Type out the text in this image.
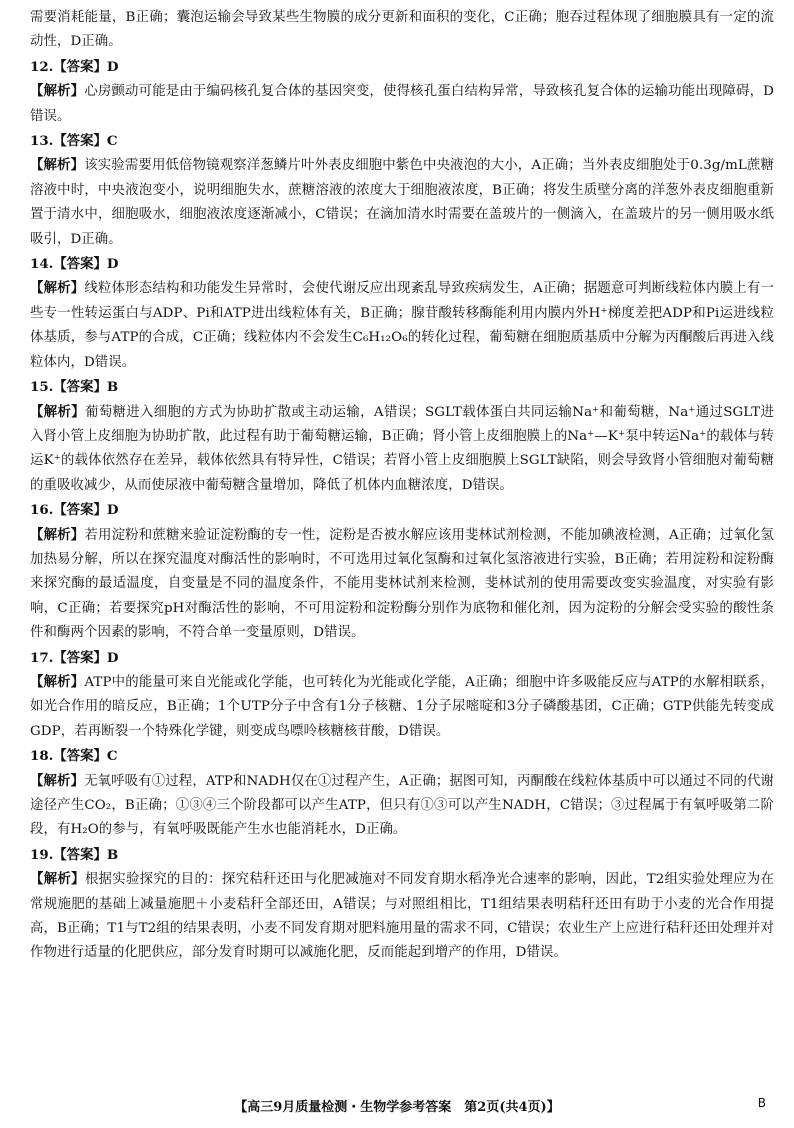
需要消耗能量，B正确；囊泡运输会导致某些生物膜的成分更新和面积的变化，C正确；胞吞过程体现了细胞膜具有一定的流动性，D正确。

12.【答案】D

【解析】心房颤动可能是由于编码核孔复合体的基因突变，使得核孔蛋白结构异常，导致核孔复合体的运输功能出现障碍，D错误。

13.【答案】C

【解析】该实验需要用低倍物镜观察洋葱鳞片叶外表皮细胞中紫色中央液泡的大小，A正确；当外表皮细胞处于0.3g/mL蔗糖溶液中时，中央液泡变小，说明细胞失水，蔗糖溶液的浓度大于细胞液浓度，B正确；将发生质壁分离的洋葱外表皮细胞重新置于清水中，细胞吸水，细胞液浓度逐渐减小，C错误；在滴加清水时需要在盖玻片的一侧滴入，在盖玻片的另一侧用吸水纸吸引，D正确。

14.【答案】D

【解析】线粒体形态结构和功能发生异常时，会使代谢反应出现紊乱导致疾病发生，A正确；据题意可判断线粒体内膜上有一些专一性转运蛋白与ADP、Pi和ATP进出线粒体有关，B正确；腺苷酸转移酶能利用内膜内外H⁺梯度差把ADP和Pi运进线粒体基质，参与ATP的合成，C正确；线粒体内不会发生C₆H₁₂O₆的转化过程，葡萄糖在细胞质基质中分解为丙酮酸后再进入线粒体内，D错误。

15.【答案】B

【解析】葡萄糖进入细胞的方式为协助扩散或主动运输，A错误；SGLT载体蛋白共同运输Na⁺和葡萄糖，Na⁺通过SGLT进入肾小管上皮细胞为协助扩散，此过程有助于葡萄糖运输，B正确；肾小管上皮细胞膜上的Na⁺—K⁺泵中转运Na⁺的载体与转运K⁺的载体依然存在差异，载体依然具有特异性，C错误；若肾小管上皮细胞膜上SGLT缺陷，则会导致肾小管细胞对葡萄糖的重吸收减少，从而使尿液中葡萄糖含量增加，降低了机体内血糖浓度，D错误。

16.【答案】D

【解析】若用淀粉和蔗糖来验证淀粉酶的专一性，淀粉是否被水解应该用斐林试剂检测，不能加碘液检测，A正确；过氧化氢加热易分解，所以在探究温度对酶活性的影响时，不可选用过氧化氢酶和过氧化氢溶液进行实验，B正确；若用淀粉和淀粉酶来探究酶的最适温度，自变量是不同的温度条件，不能用斐林试剂来检测，斐林试剂的使用需要改变实验温度，对实验有影响，C正确；若要探究pH对酶活性的影响，不可用淀粉和淀粉酶分别作为底物和催化剂，因为淀粉的分解会受实验的酸性条件和酶两个因素的影响，不符合单一变量原则，D错误。

17.【答案】D

【解析】ATP中的能量可来自光能或化学能，也可转化为光能或化学能，A正确；细胞中许多吸能反应与ATP的水解相联系，如光合作用的暗反应，B正确；1个UTP分子中含有1分子核糖、1分子尿嘧啶和3分子磷酸基团，C正确；GTP供能先转变成GDP，若再断裂一个特殊化学键，则变成鸟嘌呤核糖核苷酸，D错误。

18.【答案】C

【解析】无氧呼吸有①过程，ATP和NADH仅在①过程产生，A正确；据图可知，丙酮酸在线粒体基质中可以通过不同的代谢途径产生CO₂，B正确；①③④三个阶段都可以产生ATP，但只有①③可以产生NADH，C错误；③过程属于有氧呼吸第二阶段，有H₂O的参与，有氧呼吸既能产生水也能消耗水，D正确。

19.【答案】B

【解析】根据实验探究的目的：探究秸秆还田与化肥减施对不同发育期水稻净光合速率的影响，因此，T2组实验处理应为在常规施肥的基础上减量施肥＋小麦秸秆全部还田，A错误；与对照组相比，T1组结果表明秸秆还田有助于小麦的光合作用提高，B正确；T1与T2组的结果表明，小麦不同发育期对肥料施用量的需求不同，C错误；农业生产上应进行秸秆还田处理并对作物进行适量的化肥供应，部分发育时期可以减施化肥，反而能起到增产的作用，D错误。

【高三9月质量检测・生物学参考答案　第2页(共4页)】	B
